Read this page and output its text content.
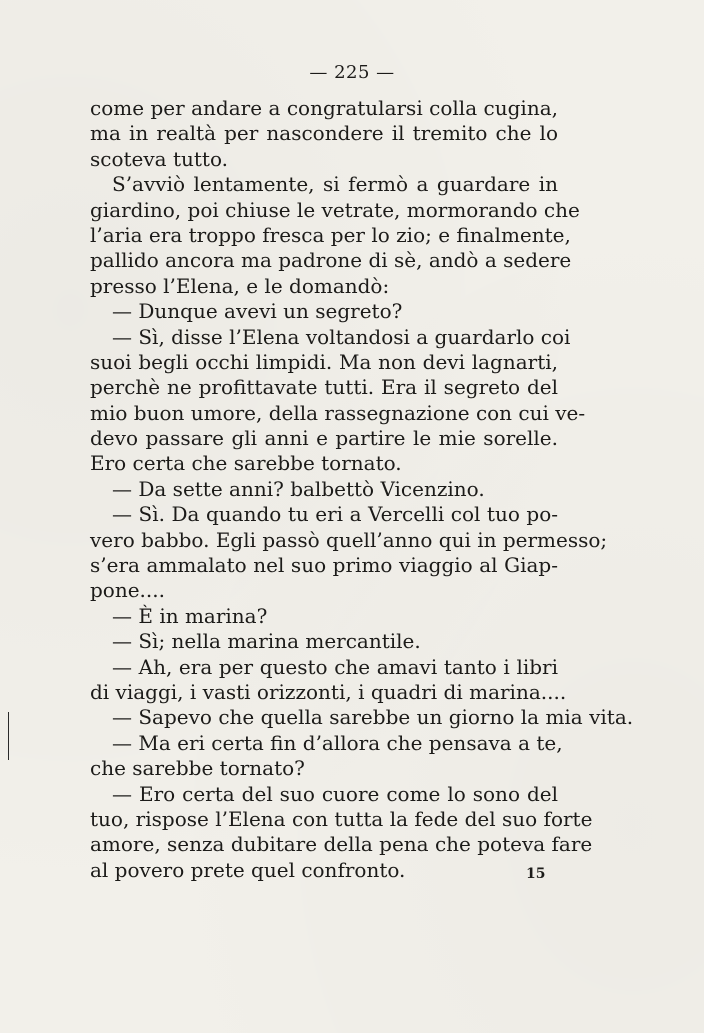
— 225 —
come per andare a congratularsi colla cugina,
ma in realtà per nascondere il tremito che lo
scoteva tutto.
S’avviò lentamente, si fermò a guardare in
giardino, poi chiuse le vetrate, mormorando che
l’aria era troppo fresca per lo zio; e finalmente,
pallido ancora ma padrone di sè, andò a sedere
presso l’Elena, e le domandò:
— Dunque avevi un segreto?
— Sì, disse l’Elena voltandosi a guardarlo coi
suoi begli occhi limpidi. Ma non devi lagnarti,
perchè ne profittavate tutti. Era il segreto del
mio buon umore, della rassegnazione con cui ve-
devo passare gli anni e partire le mie sorelle.
Ero certa che sarebbe tornato.
— Da sette anni? balbettò Vicenzino.
— Sì. Da quando tu eri a Vercelli col tuo po-
vero babbo. Egli passò quell’anno qui in permesso;
s’era ammalato nel suo primo viaggio al Giap-
pone....
— È in marina?
— Sì; nella marina mercantile.
— Ah, era per questo che amavi tanto i libri
di viaggi, i vasti orizzonti, i quadri di marina....
— Sapevo che quella sarebbe un giorno la mia vita.
— Ma eri certa fin d’allora che pensava a te,
che sarebbe tornato?
— Ero certa del suo cuore come lo sono del
tuo, rispose l’Elena con tutta la fede del suo forte
amore, senza dubitare della pena che poteva fare
al povero prete quel confronto.	15
